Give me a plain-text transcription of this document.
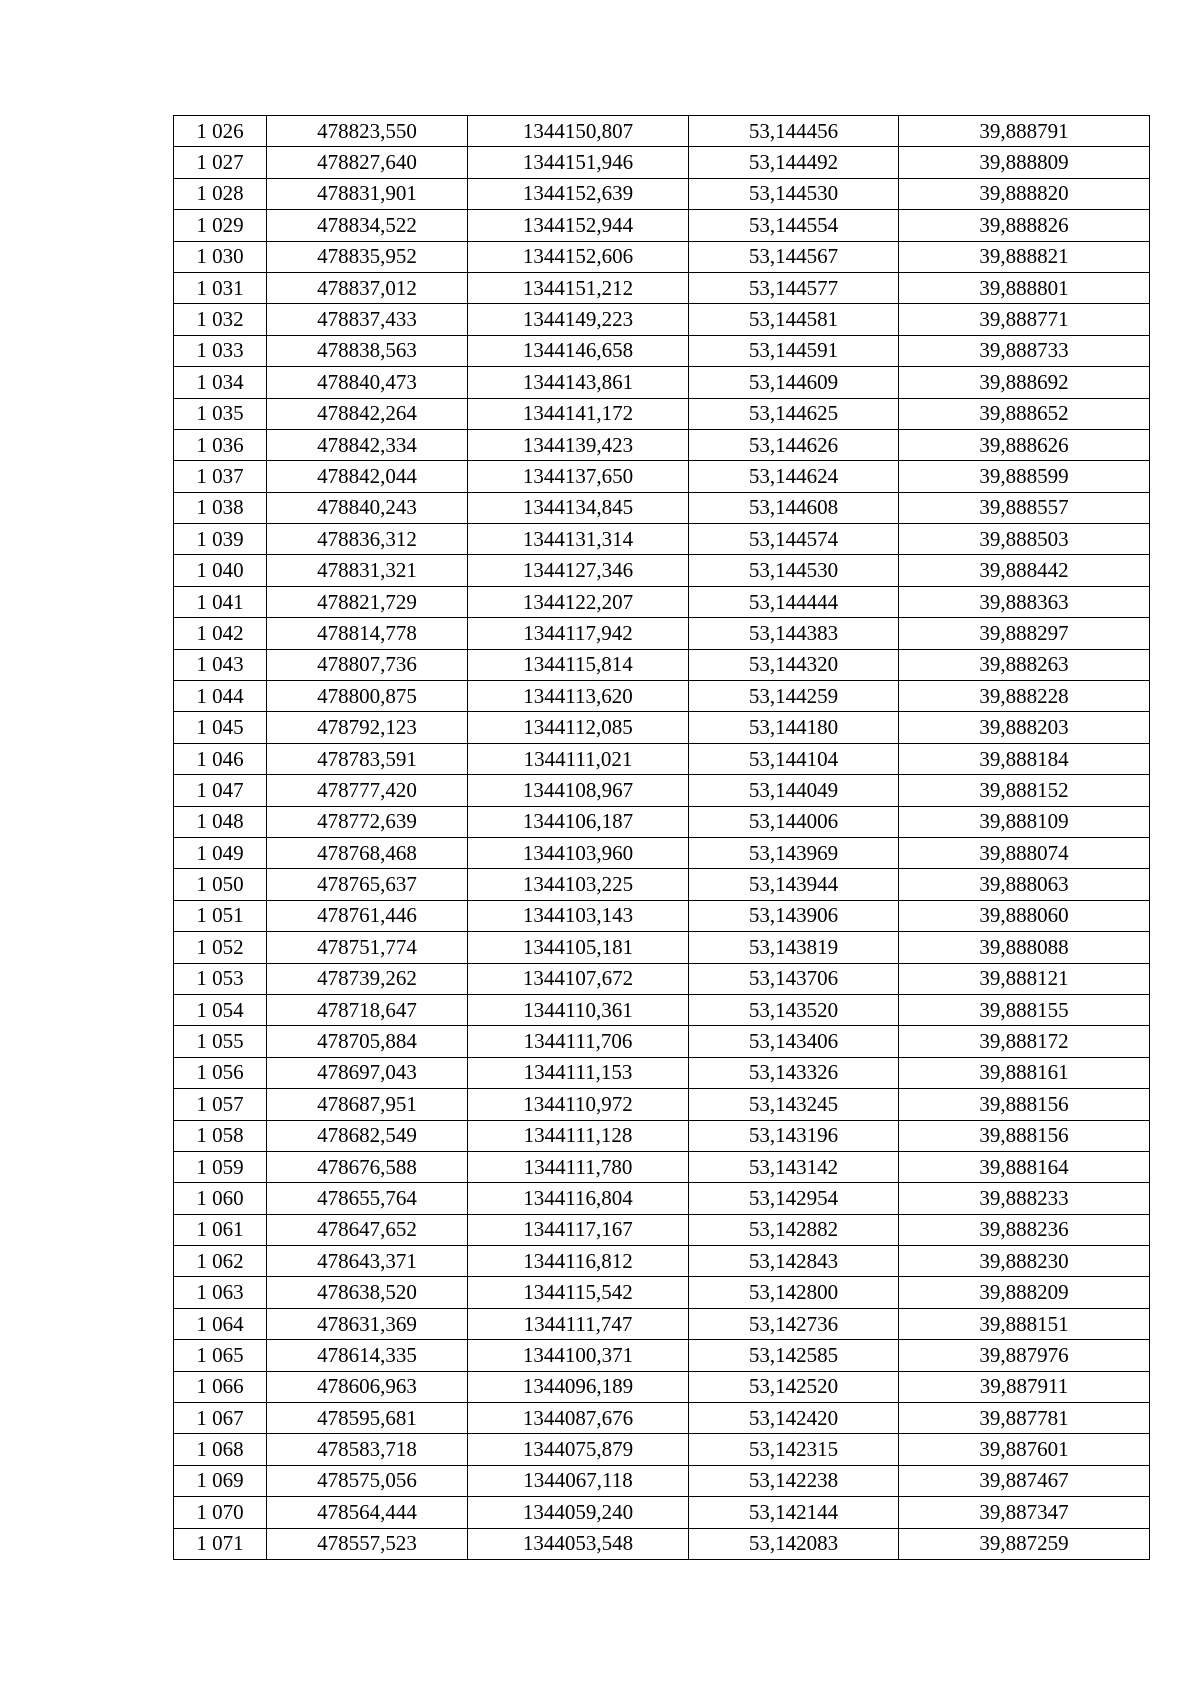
1 026	478823,550	1344150,807	53,144456	39,888791
1 027	478827,640	1344151,946	53,144492	39,888809
1 028	478831,901	1344152,639	53,144530	39,888820
1 029	478834,522	1344152,944	53,144554	39,888826
1 030	478835,952	1344152,606	53,144567	39,888821
1 031	478837,012	1344151,212	53,144577	39,888801
1 032	478837,433	1344149,223	53,144581	39,888771
1 033	478838,563	1344146,658	53,144591	39,888733
1 034	478840,473	1344143,861	53,144609	39,888692
1 035	478842,264	1344141,172	53,144625	39,888652
1 036	478842,334	1344139,423	53,144626	39,888626
1 037	478842,044	1344137,650	53,144624	39,888599
1 038	478840,243	1344134,845	53,144608	39,888557
1 039	478836,312	1344131,314	53,144574	39,888503
1 040	478831,321	1344127,346	53,144530	39,888442
1 041	478821,729	1344122,207	53,144444	39,888363
1 042	478814,778	1344117,942	53,144383	39,888297
1 043	478807,736	1344115,814	53,144320	39,888263
1 044	478800,875	1344113,620	53,144259	39,888228
1 045	478792,123	1344112,085	53,144180	39,888203
1 046	478783,591	1344111,021	53,144104	39,888184
1 047	478777,420	1344108,967	53,144049	39,888152
1 048	478772,639	1344106,187	53,144006	39,888109
1 049	478768,468	1344103,960	53,143969	39,888074
1 050	478765,637	1344103,225	53,143944	39,888063
1 051	478761,446	1344103,143	53,143906	39,888060
1 052	478751,774	1344105,181	53,143819	39,888088
1 053	478739,262	1344107,672	53,143706	39,888121
1 054	478718,647	1344110,361	53,143520	39,888155
1 055	478705,884	1344111,706	53,143406	39,888172
1 056	478697,043	1344111,153	53,143326	39,888161
1 057	478687,951	1344110,972	53,143245	39,888156
1 058	478682,549	1344111,128	53,143196	39,888156
1 059	478676,588	1344111,780	53,143142	39,888164
1 060	478655,764	1344116,804	53,142954	39,888233
1 061	478647,652	1344117,167	53,142882	39,888236
1 062	478643,371	1344116,812	53,142843	39,888230
1 063	478638,520	1344115,542	53,142800	39,888209
1 064	478631,369	1344111,747	53,142736	39,888151
1 065	478614,335	1344100,371	53,142585	39,887976
1 066	478606,963	1344096,189	53,142520	39,887911
1 067	478595,681	1344087,676	53,142420	39,887781
1 068	478583,718	1344075,879	53,142315	39,887601
1 069	478575,056	1344067,118	53,142238	39,887467
1 070	478564,444	1344059,240	53,142144	39,887347
1 071	478557,523	1344053,548	53,142083	39,887259
